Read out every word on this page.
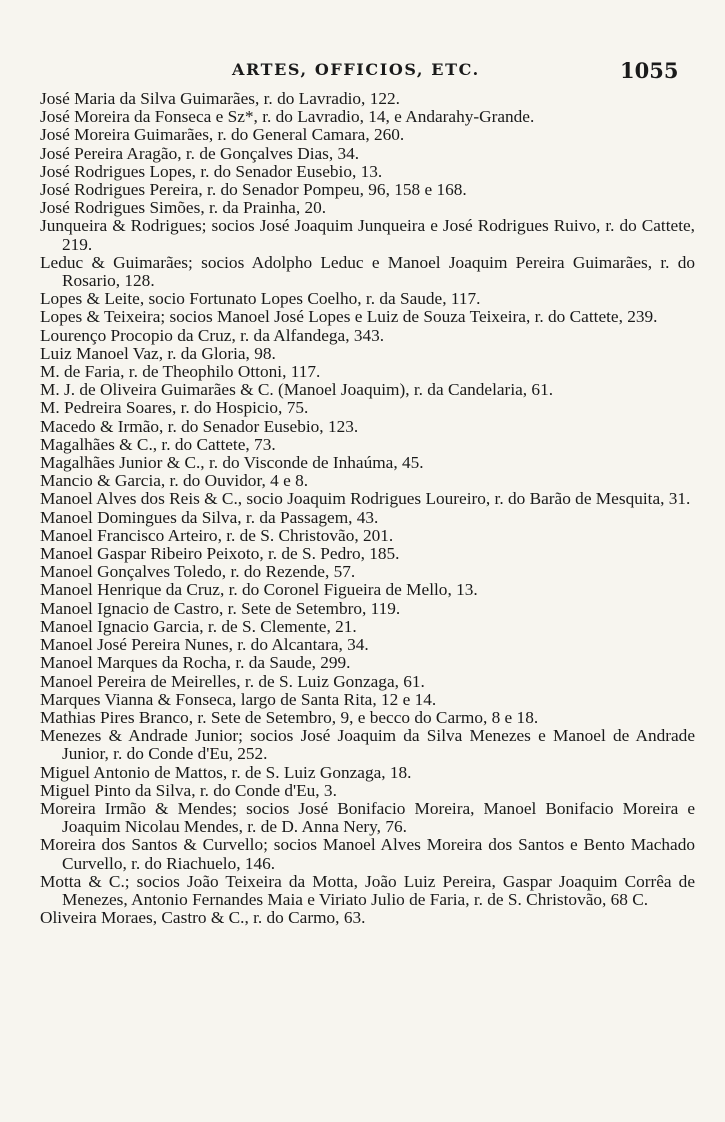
ARTES, OFFICIOS, ETC.	1055

José Maria da Silva Guimarães, r. do Lavradio, 122.

José Moreira da Fonseca e Sz*, r. do Lavradio, 14, e Andarahy-Grande.

José Moreira Guimarães, r. do General Camara, 260.

José Pereira Aragão, r. de Gonçalves Dias, 34.

José Rodrigues Lopes, r. do Senador Eusebio, 13.

José Rodrigues Pereira, r. do Senador Pompeu, 96, 158 e 168.

José Rodrigues Simões, r. da Prainha, 20.

Junqueira & Rodrigues; socios José Joaquim Junqueira e José Rodrigues Ruivo, r. do Cattete, 219.

Leduc & Guimarães; socios Adolpho Leduc e Manoel Joaquim Pereira Guimarães, r. do Rosario, 128.

Lopes & Leite, socio Fortunato Lopes Coelho, r. da Saude, 117.

Lopes & Teixeira; socios Manoel José Lopes e Luiz de Souza Teixeira, r. do Cattete, 239.

Lourenço Procopio da Cruz, r. da Alfandega, 343.

Luiz Manoel Vaz, r. da Gloria, 98.

M. de Faria, r. de Theophilo Ottoni, 117.

M. J. de Oliveira Guimarães & C. (Manoel Joaquim), r. da Candelaria, 61.

M. Pedreira Soares, r. do Hospicio, 75.

Macedo & Irmão, r. do Senador Eusebio, 123.

Magalhães & C., r. do Cattete, 73.

Magalhães Junior & C., r. do Visconde de Inhaúma, 45.

Mancio & Garcia, r. do Ouvidor, 4 e 8.

Manoel Alves dos Reis & C., socio Joaquim Rodrigues Loureiro, r. do Barão de Mesquita, 31.

Manoel Domingues da Silva, r. da Passagem, 43.

Manoel Francisco Arteiro, r. de S. Christovão, 201.

Manoel Gaspar Ribeiro Peixoto, r. de S. Pedro, 185.

Manoel Gonçalves Toledo, r. do Rezende, 57.

Manoel Henrique da Cruz, r. do Coronel Figueira de Mello, 13.

Manoel Ignacio de Castro, r. Sete de Setembro, 119.

Manoel Ignacio Garcia, r. de S. Clemente, 21.

Manoel José Pereira Nunes, r. do Alcantara, 34.

Manoel Marques da Rocha, r. da Saude, 299.

Manoel Pereira de Meirelles, r. de S. Luiz Gonzaga, 61.

Marques Vianna & Fonseca, largo de Santa Rita, 12 e 14.

Mathias Pires Branco, r. Sete de Setembro, 9, e becco do Carmo, 8 e 18.

Menezes & Andrade Junior; socios José Joaquim da Silva Menezes e Manoel de Andrade Junior, r. do Conde d'Eu, 252.

Miguel Antonio de Mattos, r. de S. Luiz Gonzaga, 18.

Miguel Pinto da Silva, r. do Conde d'Eu, 3.

Moreira Irmão & Mendes; socios José Bonifacio Moreira, Manoel Bonifacio Moreira e Joaquim Nicolau Mendes, r. de D. Anna Nery, 76.

Moreira dos Santos & Curvello; socios Manoel Alves Moreira dos Santos e Bento Machado Curvello, r. do Riachuelo, 146.

Motta & C.; socios João Teixeira da Motta, João Luiz Pereira, Gaspar Joaquim Corrêa de Menezes, Antonio Fernandes Maia e Viriato Julio de Faria, r. de S. Christovão, 68 C.

Oliveira Moraes, Castro & C., r. do Carmo, 63.
